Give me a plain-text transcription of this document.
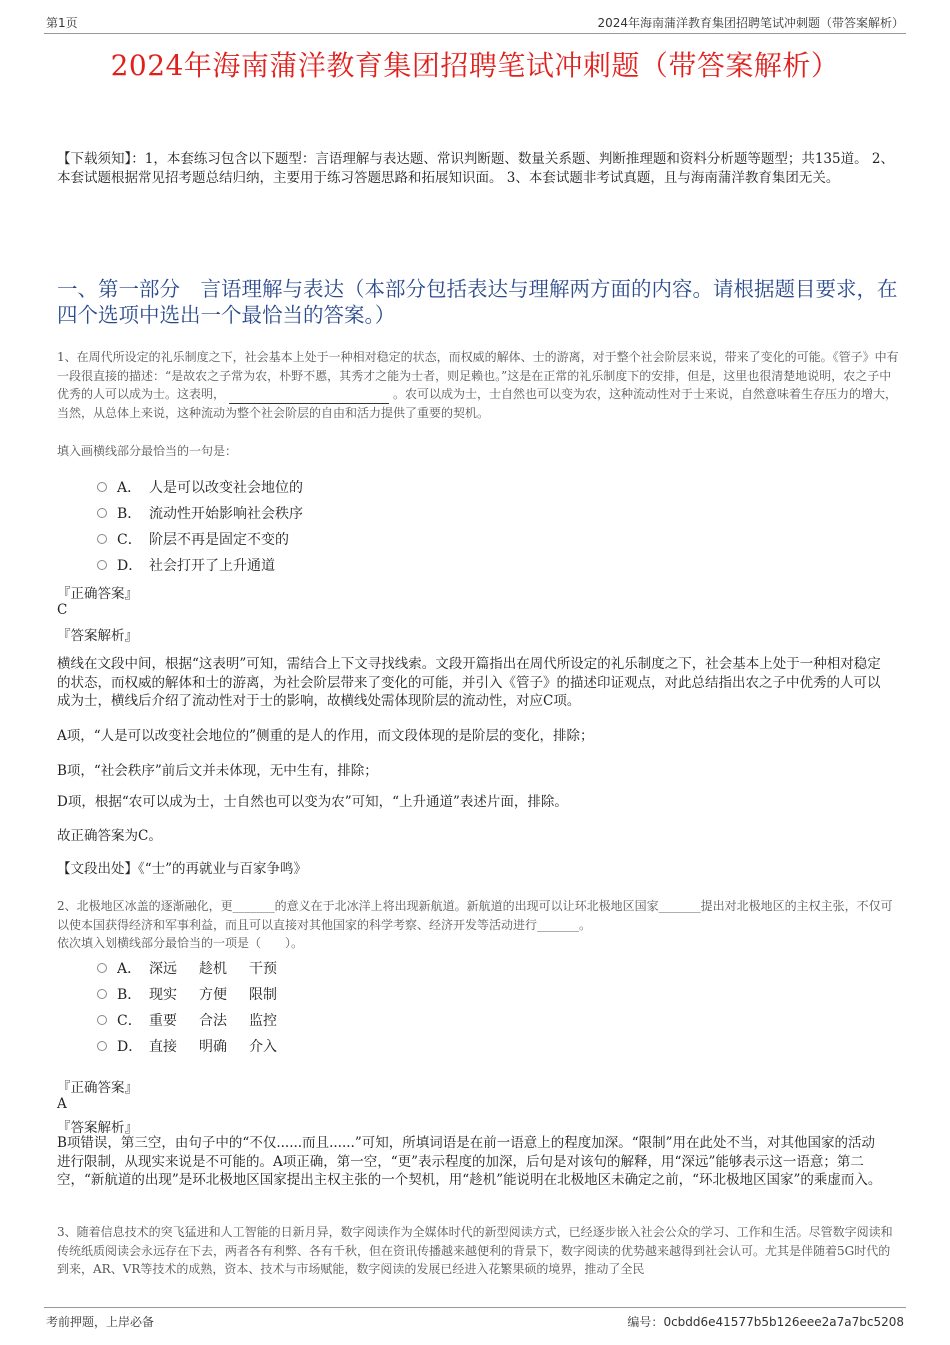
第1页	2024年海南蒲洋教育集团招聘笔试冲刺题（带答案解析）
2024年海南蒲洋教育集团招聘笔试冲刺题（带答案解析）
【下载须知】：1，本套练习包含以下题型：言语理解与表达题、常识判断题、数量关系题、判断推理题和资料分析题等题型；共135道。 2、本套试题根据常见招考题总结归纳，主要用于练习答题思路和拓展知识面。 3、本套试题非考试真题，且与海南蒲洋教育集团无关。
一、第一部分　言语理解与表达（本部分包括表达与理解两方面的内容。请根据题目要求，在四个选项中选出一个最恰当的答案。）
1、在周代所设定的礼乐制度之下，社会基本上处于一种相对稳定的状态，而权威的解体、士的游离，对于整个社会阶层来说，带来了变化的可能。《管子》中有一段很直接的描述：“是故农之子常为农，朴野不慝，其秀才之能为士者，则足赖也。”这是在正常的礼乐制度下的安排，但是，这里也很清楚地说明，农之子中优秀的人可以成为士。这表明，	。农可以成为士，士自然也可以变为农，这种流动性对于士来说，自然意味着生存压力的增大，当然，从总体上来说，这种流动为整个社会阶层的自由和活力提供了重要的契机。
填入画横线部分最恰当的一句是：
A． 人是可以改变社会地位的
B． 流动性开始影响社会秩序
C． 阶层不再是固定不变的
D． 社会打开了上升通道
『正确答案』
C
『答案解析』
横线在文段中间，根据“这表明”可知，需结合上下文寻找线索。文段开篇指出在周代所设定的礼乐制度之下，社会基本上处于一种相对稳定的状态，而权威的解体和士的游离，为社会阶层带来了变化的可能，并引入《管子》的描述印证观点，对此总结指出农之子中优秀的人可以成为士，横线后介绍了流动性对于士的影响，故横线处需体现阶层的流动性，对应C项。
A项，“人是可以改变社会地位的”侧重的是人的作用，而文段体现的是阶层的变化，排除；
B项，“社会秩序”前后文并未体现，无中生有，排除；
D项，根据“农可以成为士，士自然也可以变为农”可知，“上升通道”表述片面，排除。
故正确答案为C。
【文段出处】《“士”的再就业与百家争鸣》
2、北极地区冰盖的逐渐融化，更_______的意义在于北冰洋上将出现新航道。新航道的出现可以让环北极地区国家_______提出对北极地区的主权主张，不仅可以使本国获得经济和军事利益，而且可以直接对其他国家的科学考察、经济开发等活动进行_______。
依次填入划横线部分最恰当的一项是（　　）。
A． 深远 趁机 干预
B． 现实 方便 限制
C． 重要 合法 监控
D． 直接 明确 介入
『正确答案』
A
『答案解析』
B项错误，第三空，由句子中的“不仅......而且......”可知，所填词语是在前一语意上的程度加深。“限制”用在此处不当，对其他国家的活动进行限制，从现实来说是不可能的。A项正确，第一空，“更”表示程度的加深，后句是对该句的解释，用“深远”能够表示这一语意；第二空，“新航道的出现”是环北极地区国家提出主权主张的一个契机，用“趁机”能说明在北极地区未确定之前，“环北极地区国家”的乘虚而入。
3、随着信息技术的突飞猛进和人工智能的日新月异，数字阅读作为全媒体时代的新型阅读方式，已经逐步嵌入社会公众的学习、工作和生活。尽管数字阅读和传统纸质阅读会永远存在下去，两者各有利弊、各有千秋，但在资讯传播越来越便利的背景下，数字阅读的优势越来越得到社会认可。尤其是伴随着5G时代的到来，AR、VR等技术的成熟，资本、技术与市场赋能，数字阅读的发展已经进入花繁果硕的境界，推动了全民
考前押题，上岸必备	编号：0cbdd6e41577b5b126eee2a7a7bc5208
